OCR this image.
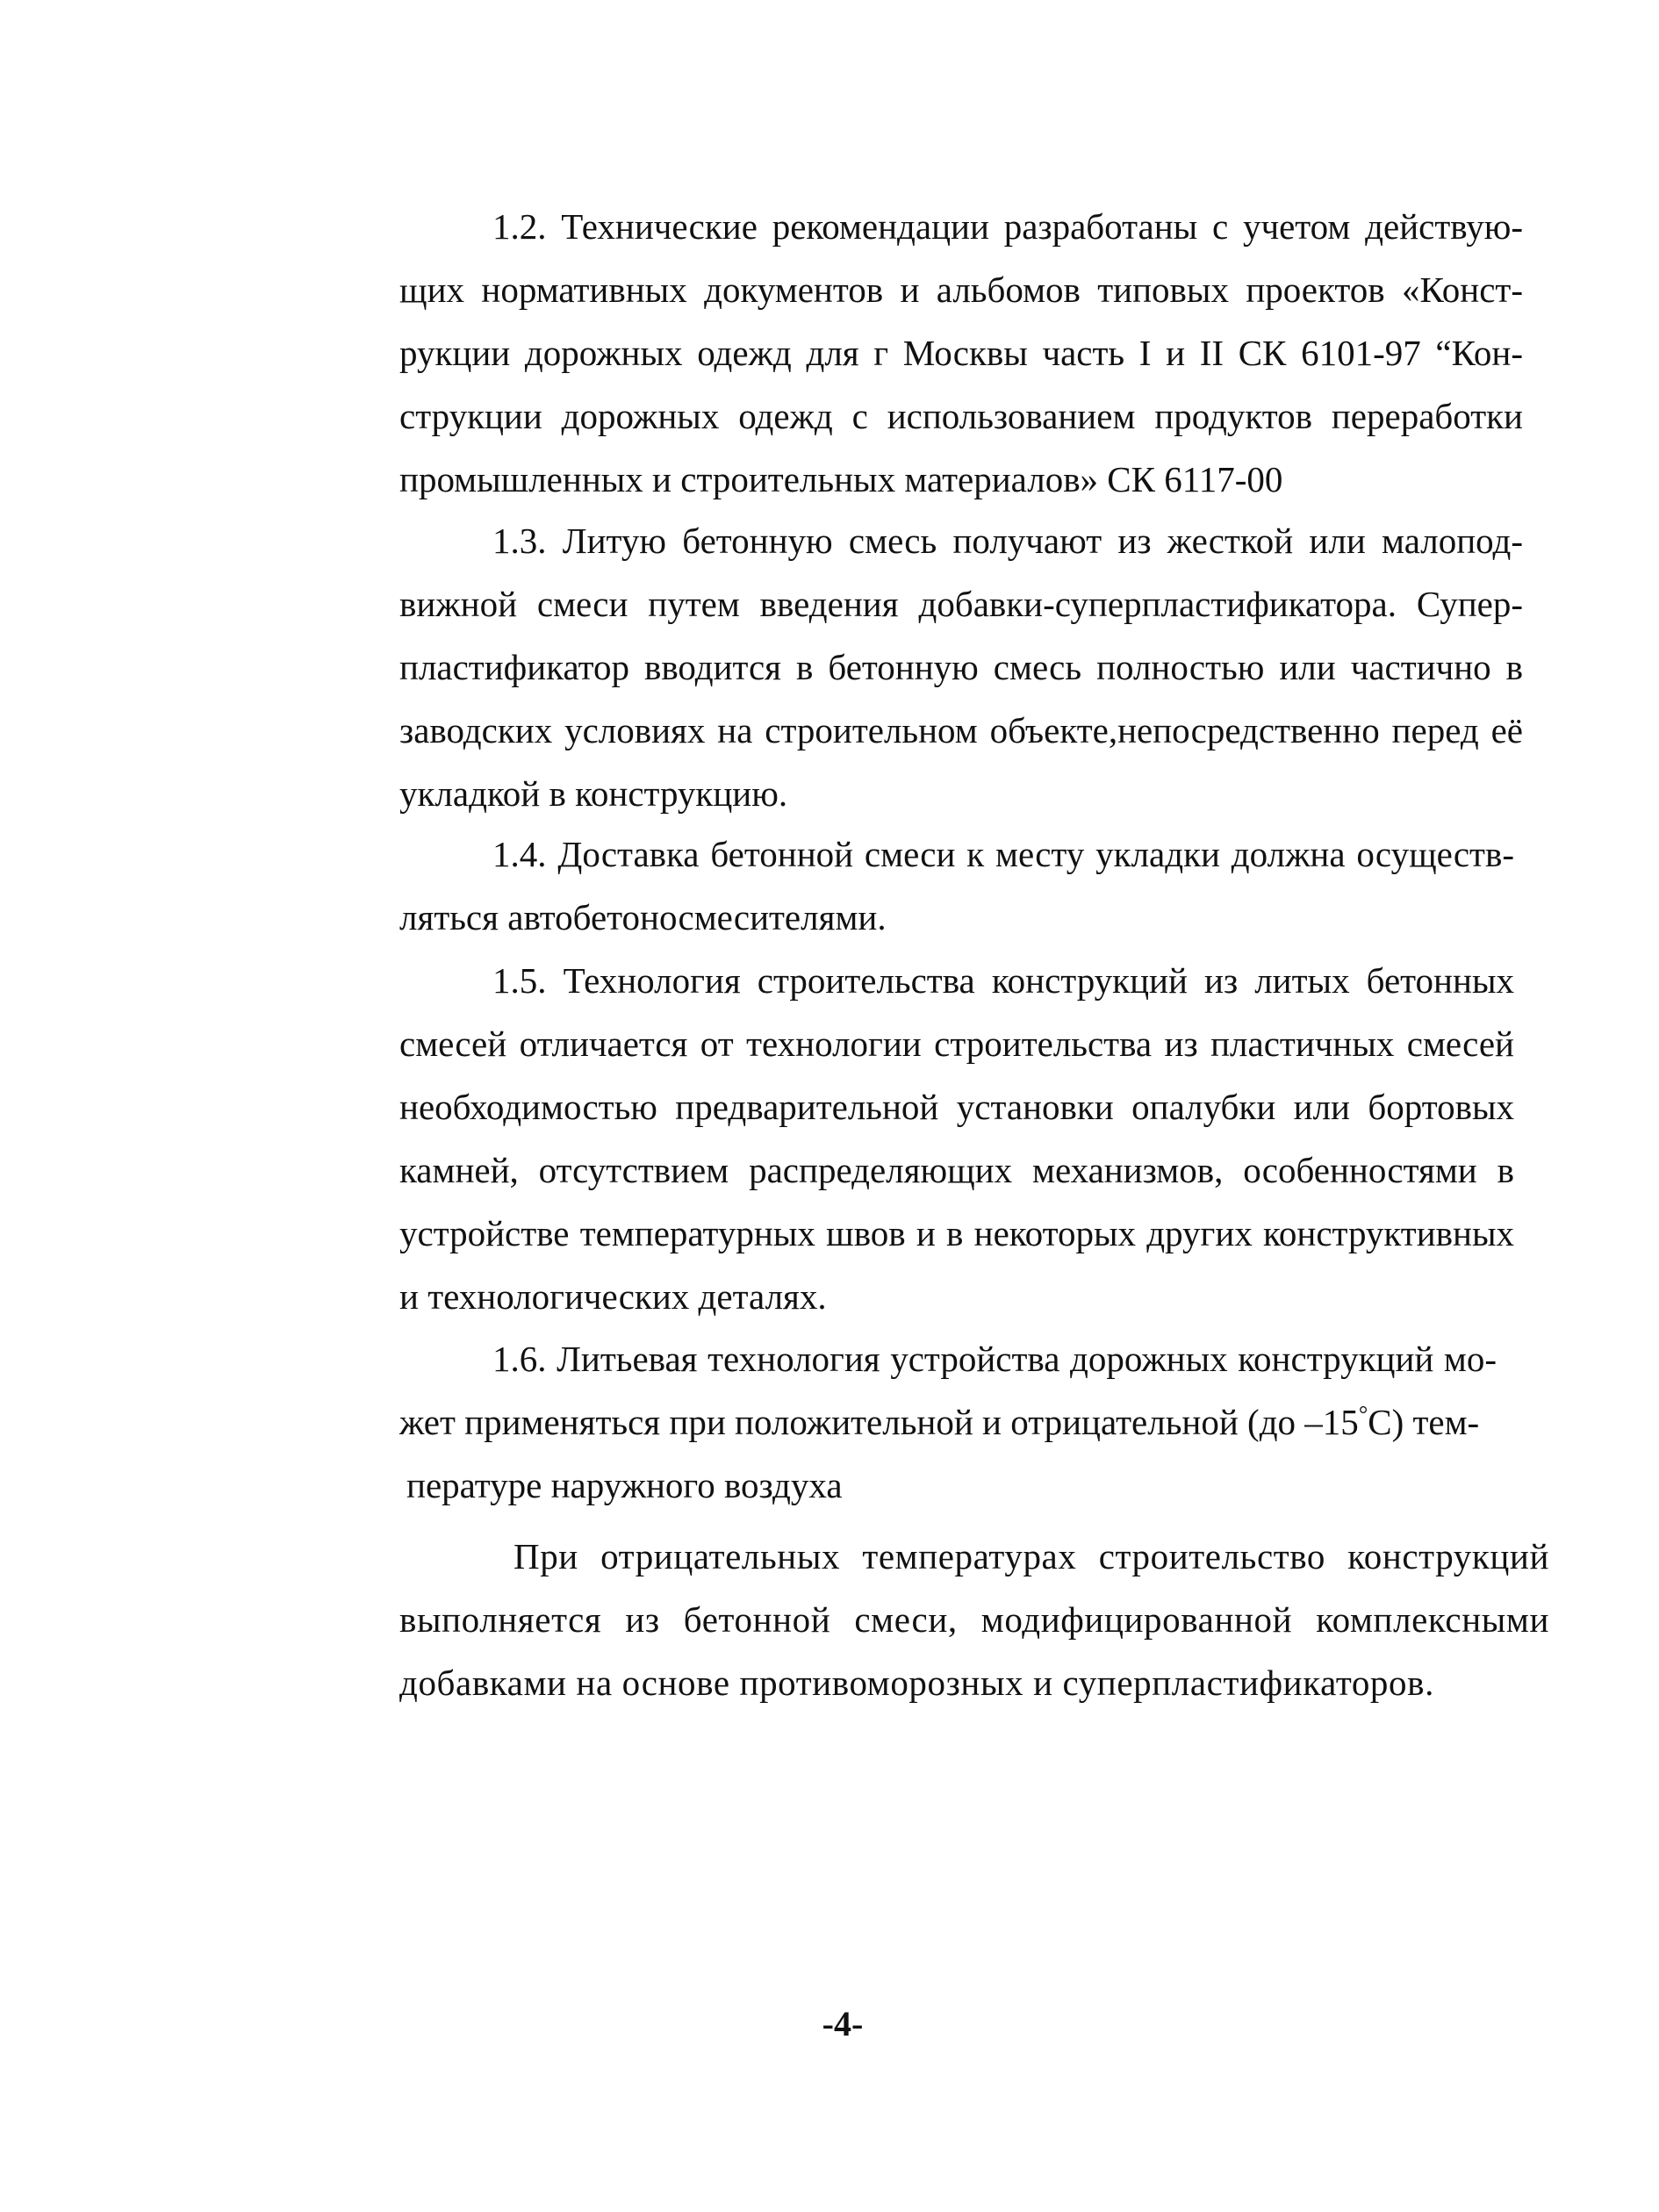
1.2. Технические рекомендации разработаны с учетом действую-
щих нормативных документов и альбомов типовых проектов «Конст-
рукции дорожных одежд для г Москвы часть I и II СК 6101-97 “Кон-
струкции дорожных одежд с использованием продуктов переработки
промышленных и строительных материалов» СК 6117-00

1.3. Литую бетонную смесь получают из жесткой или малопод-
вижной смеси путем введения добавки-суперпластификатора. Супер-
пластификатор вводится в бетонную смесь полностью или частично в
заводских условиях на строительном объекте,непосредственно перед её
укладкой в конструкцию.

1.4. Доставка бетонной смеси к месту укладки должна осуществ-
ляться автобетоносмесителями.

1.5. Технология строительства конструкций из литых бетонных
смесей отличается от технологии строительства из пластичных смесей
необходимостью предварительной установки опалубки или бортовых
камней, отсутствием распределяющих механизмов, особенностями в
устройстве температурных швов и в некоторых других конструктивных
и технологических деталях.

1.6. Литьевая технология устройства дорожных конструкций мо-
жет применяться при положительной и отрицательной (до –15°С) тем-
пературе наружного воздуха

При отрицательных температурах строительство конструкций
выполняется из бетонной смеси, модифицированной комплексными
добавками на основе противоморозных и суперпластификаторов.

-4-
